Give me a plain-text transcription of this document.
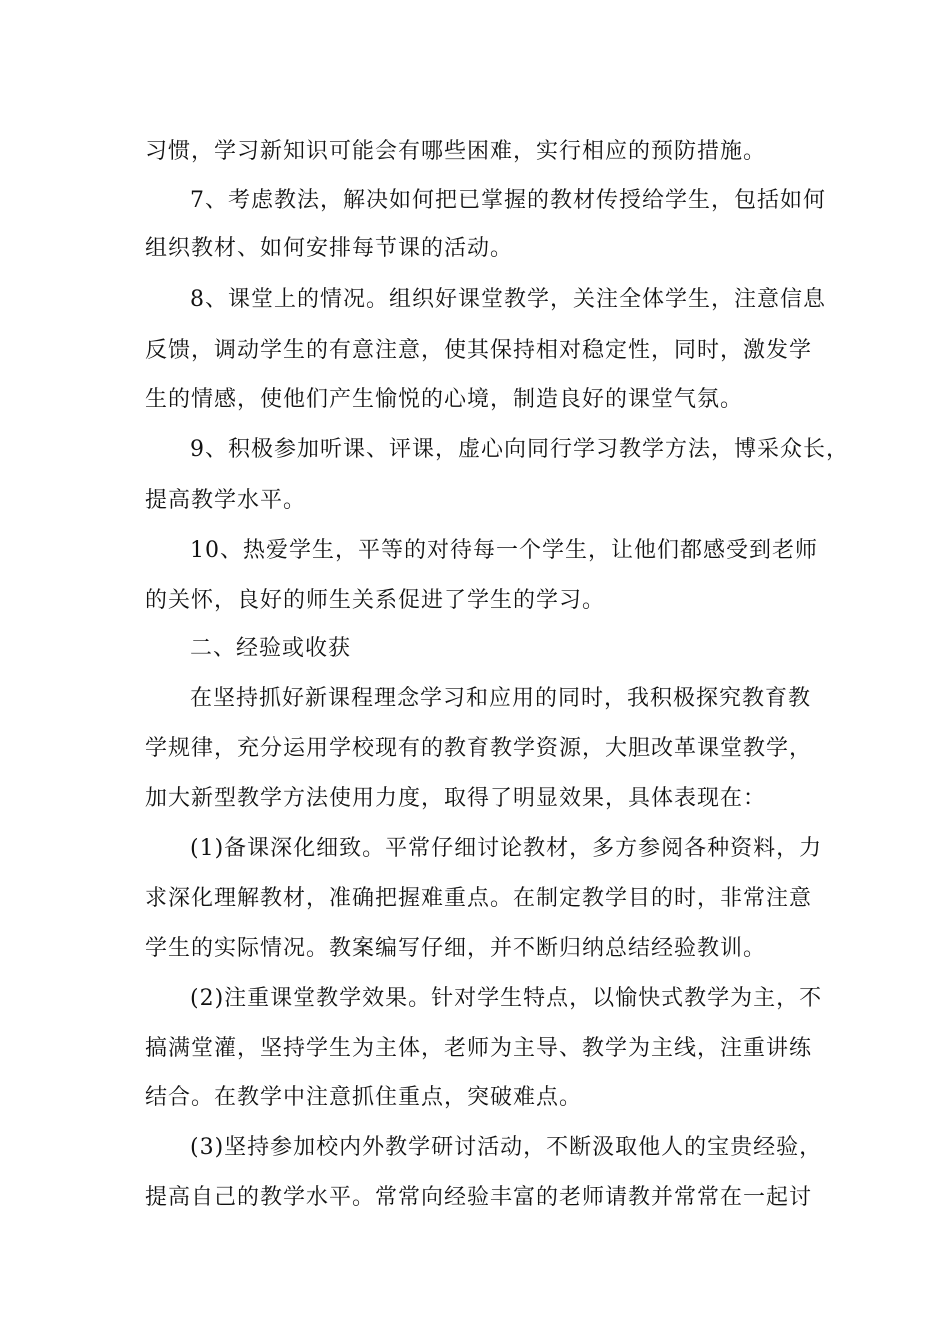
习惯，学习新知识可能会有哪些困难，实行相应的预防措施。
7、考虑教法，解决如何把已掌握的教材传授给学生，包括如何
组织教材、如何安排每节课的活动。
8、课堂上的情况。组织好课堂教学，关注全体学生，注意信息
反馈，调动学生的有意注意，使其保持相对稳定性，同时，激发学
生的情感，使他们产生愉悦的心境，制造良好的课堂气氛。
9、积极参加听课、评课，虚心向同行学习教学方法，博采众长，
提高教学水平。
10、热爱学生，平等的对待每一个学生，让他们都感受到老师
的关怀，良好的师生关系促进了学生的学习。
二、经验或收获
在坚持抓好新课程理念学习和应用的同时，我积极探究教育教
学规律，充分运用学校现有的教育教学资源，大胆改革课堂教学，
加大新型教学方法使用力度，取得了明显效果，具体表现在：
(1)备课深化细致。平常仔细讨论教材，多方参阅各种资料，力
求深化理解教材，准确把握难重点。在制定教学目的时，非常注意
学生的实际情况。教案编写仔细，并不断归纳总结经验教训。
(2)注重课堂教学效果。针对学生特点，以愉快式教学为主，不
搞满堂灌，坚持学生为主体，老师为主导、教学为主线，注重讲练
结合。在教学中注意抓住重点，突破难点。
(3)坚持参加校内外教学研讨活动，不断汲取他人的宝贵经验，
提高自己的教学水平。常常向经验丰富的老师请教并常常在一起讨
